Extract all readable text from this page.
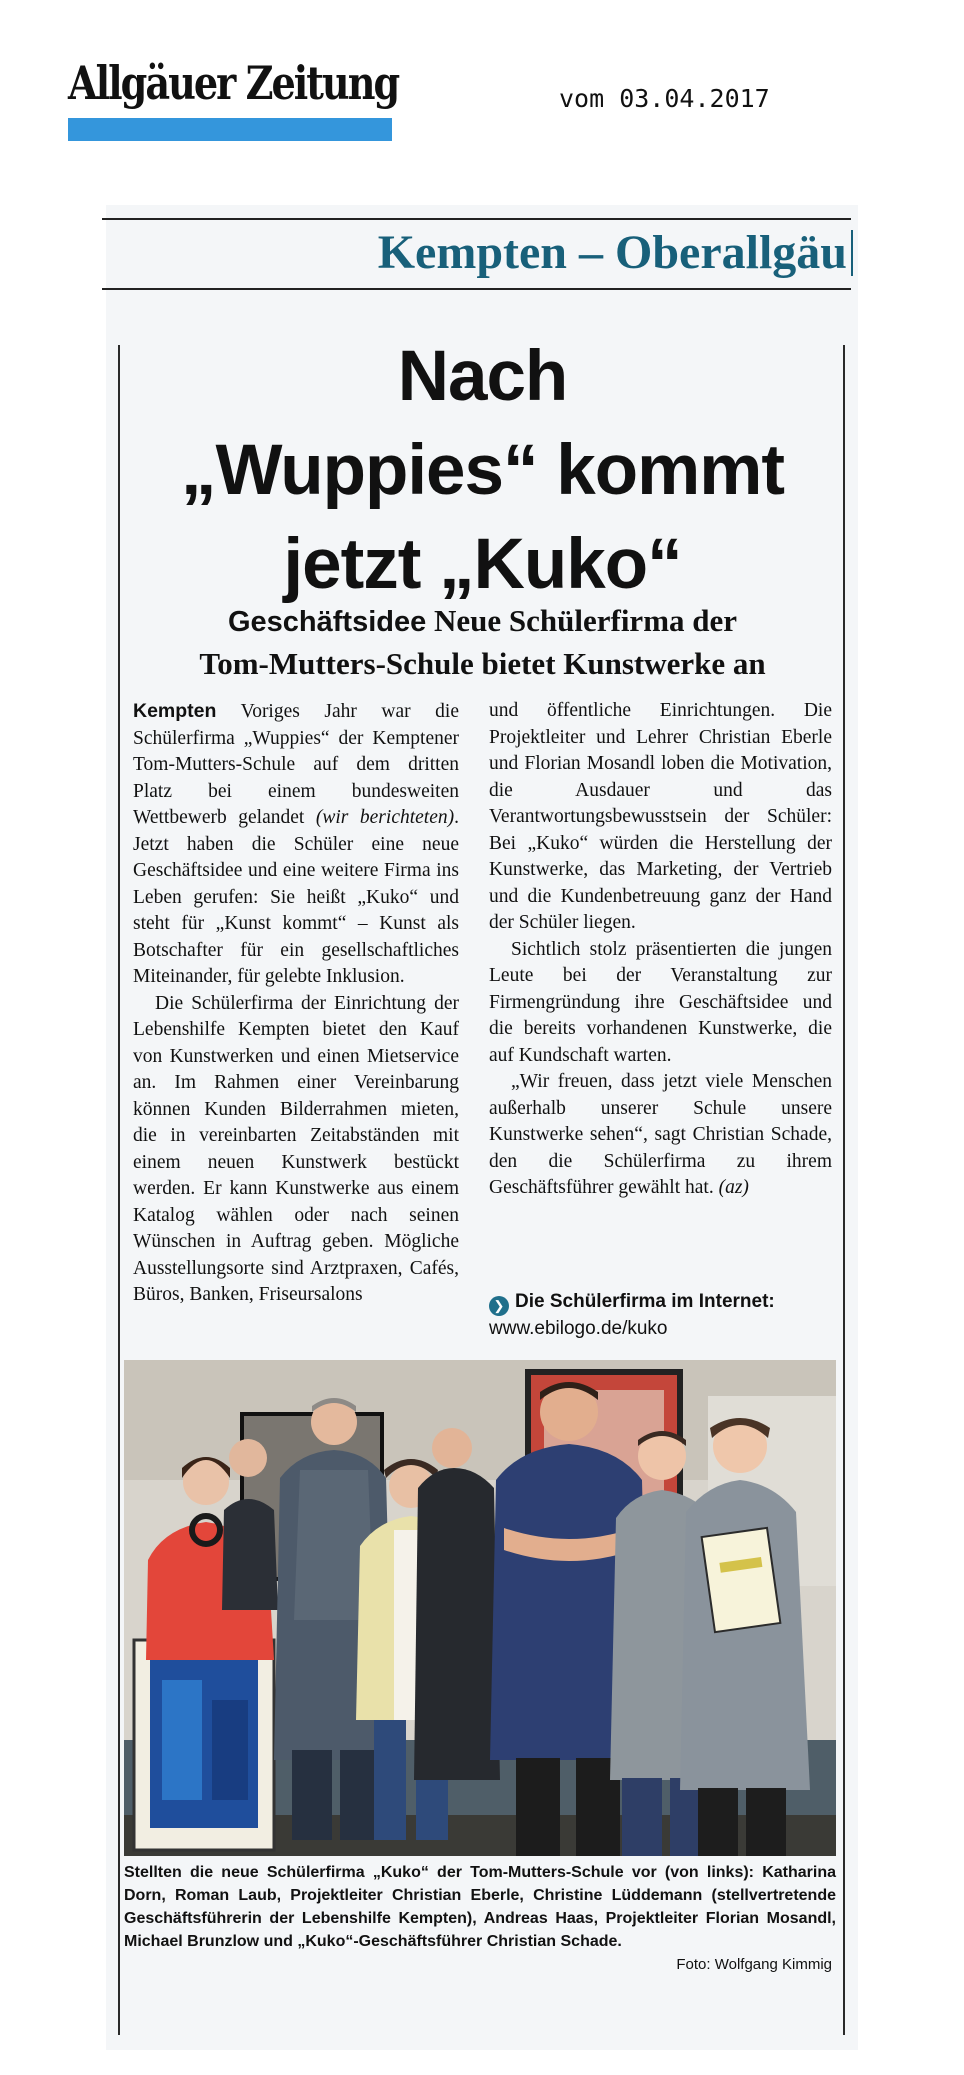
Allgäuer Zeitung	vom 03.04.2017
Kempten – Oberallgäu
Nach
„Wuppies“ kommt
jetzt „Kuko“
Geschäftsidee Neue Schülerfirma der
Tom-Mutters-Schule bietet Kunstwerke an

Kempten Voriges Jahr war die Schülerfirma „Wuppies“ der Kemptener Tom-Mutters-Schule auf dem dritten Platz bei einem bundesweiten Wettbewerb gelandet (wir berichteten). Jetzt haben die Schüler eine neue Geschäftsidee und eine weitere Firma ins Leben gerufen: Sie heißt „Kuko“ und steht für „Kunst kommt“ – Kunst als Botschafter für ein gesellschaftliches Miteinander, für gelebte Inklusion.

Die Schülerfirma der Einrichtung der Lebenshilfe Kempten bietet den Kauf von Kunstwerken und einen Mietservice an. Im Rahmen einer Vereinbarung können Kunden Bilderrahmen mieten, die in vereinbarten Zeitabständen mit einem neuen Kunstwerk bestückt werden. Er kann Kunstwerke aus einem Katalog wählen oder nach seinen Wünschen in Auftrag geben. Mögliche Ausstellungsorte sind Arztpraxen, Cafés, Büros, Banken, Friseursalons

und öffentliche Einrichtungen. Die Projektleiter und Lehrer Christian Eberle und Florian Mosandl loben die Motivation, die Ausdauer und das Verantwortungsbewusstsein der Schüler: Bei „Kuko“ würden die Herstellung der Kunstwerke, das Marketing, der Vertrieb und die Kundenbetreuung ganz der Hand der Schüler liegen.

Sichtlich stolz präsentierten die jungen Leute bei der Veranstaltung zur Firmengründung ihre Geschäftsidee und die bereits vorhandenen Kunstwerke, die auf Kundschaft warten.

„Wir freuen, dass jetzt viele Menschen außerhalb unserer Schule unsere Kunstwerke sehen“, sagt Christian Schade, den die Schülerfirma zu ihrem Geschäftsführer gewählt hat. (az)

❯ Die Schülerfirma im Internet:
www.ebilogo.de/kuko

Stellten die neue Schülerfirma „Kuko“ der Tom-Mutters-Schule vor (von links): Katharina Dorn, Roman Laub, Projektleiter Christian Eberle, Christine Lüddemann (stellvertretende Geschäftsführerin der Lebenshilfe Kempten), Andreas Haas, Projektleiter Florian Mosandl, Michael Brunzlow und „Kuko“-Geschäftsführer Christian Schade.

Foto: Wolfgang Kimmig
